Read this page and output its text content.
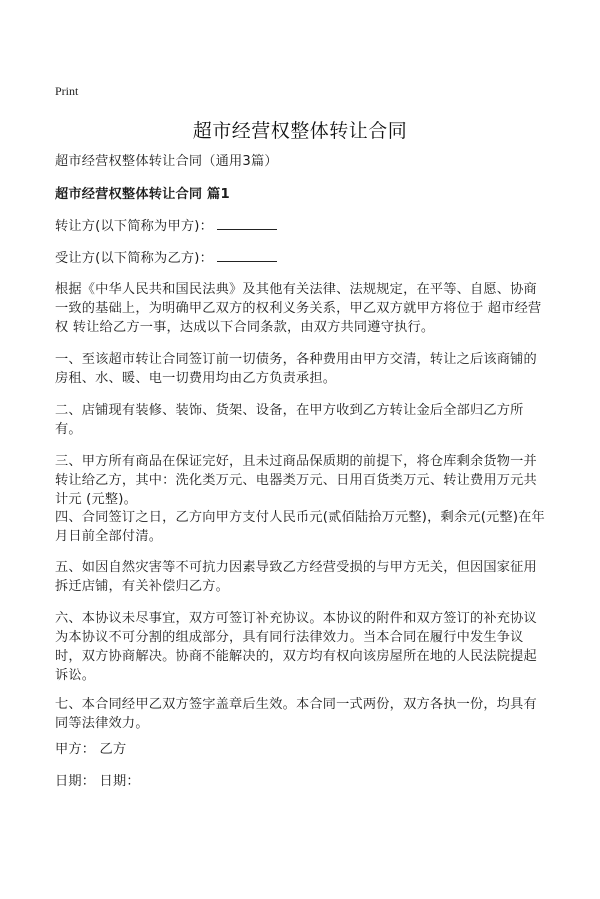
Print
超市经营权整体转让合同
超市经营权整体转让合同（通用3篇）
超市经营权整体转让合同 篇1
转让方(以下简称为甲方)：
受让方(以下简称为乙方)：
根据《中华人民共和国民法典》及其他有关法律、法规规定，在平等、自愿、协商一致的基础上，为明确甲乙双方的权利义务关系，甲乙双方就甲方将位于 超市经营权 转让给乙方一事，达成以下合同条款，由双方共同遵守执行。
一、至该超市转让合同签订前一切债务，各种费用由甲方交清，转让之后该商铺的房租、水、暖、电一切费用均由乙方负责承担。
二、店铺现有装修、装饰、货架、设备，在甲方收到乙方转让金后全部归乙方所有。
三、甲方所有商品在保证完好，且未过商品保质期的前提下，将仓库剩余货物一并转让给乙方，其中：洗化类万元、电器类万元、日用百货类万元、转让费用万元共计元 (元整)。
四、合同签订之日，乙方向甲方支付人民币元(贰佰陆拾万元整)，剩余元(元整)在年月日前全部付清。
五、如因自然灾害等不可抗力因素导致乙方经营受损的与甲方无关，但因国家征用拆迁店铺，有关补偿归乙方。
六、本协议未尽事宜，双方可签订补充协议。本协议的附件和双方签订的补充协议为本协议不可分割的组成部分，具有同行法律效力。当本合同在履行中发生争议时，双方协商解决。协商不能解决的，双方均有权向该房屋所在地的人民法院提起诉讼。
七、本合同经甲乙双方签字盖章后生效。本合同一式两份，双方各执一份，均具有同等法律效力。
甲方： 乙方
日期： 日期：
